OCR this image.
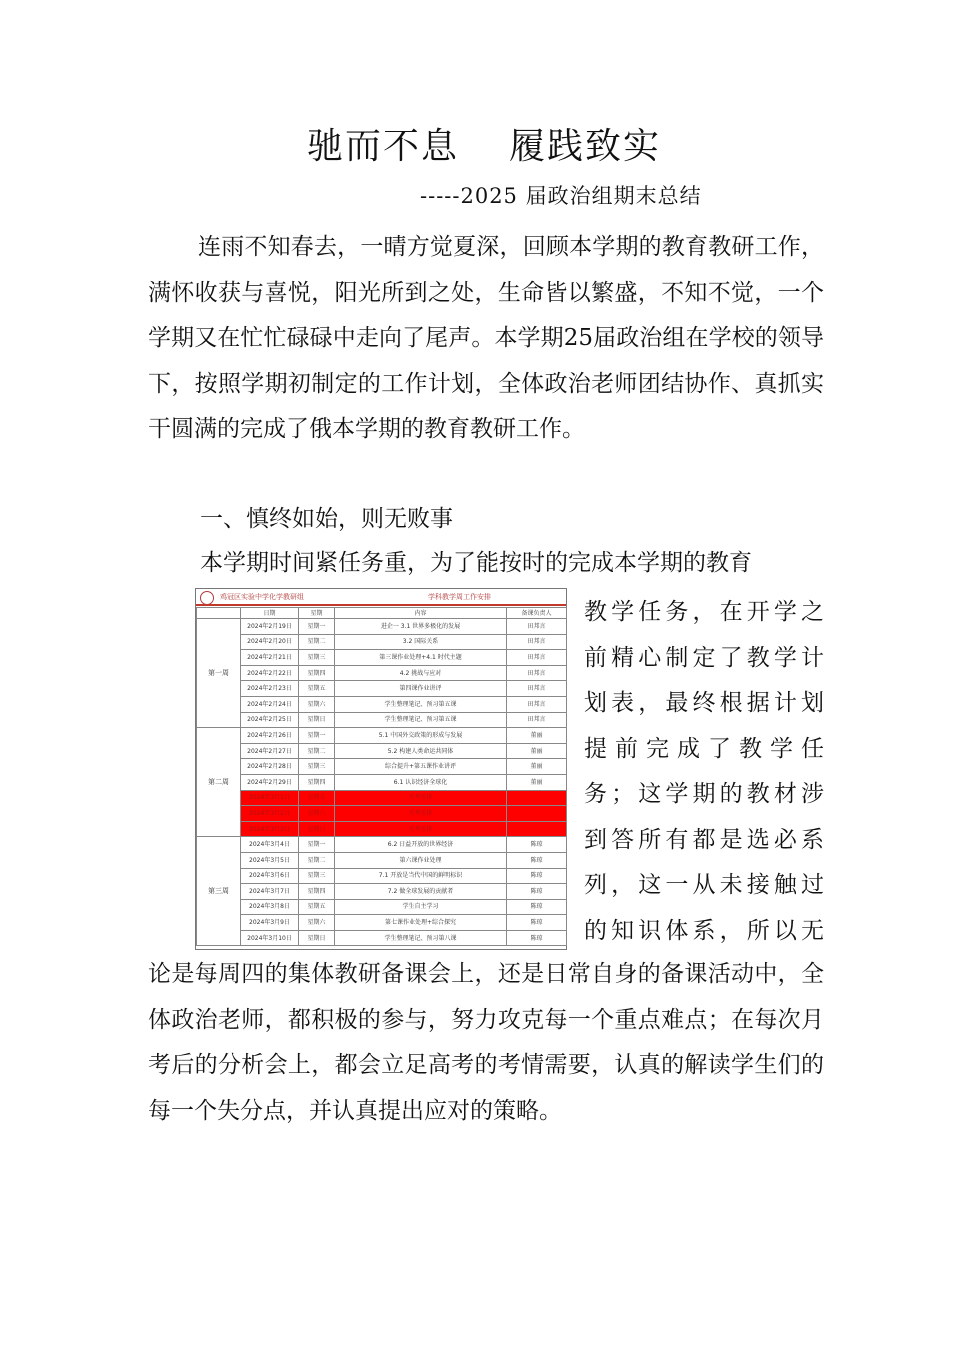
驰而不息 履践致实
-----2025 届政治组期末总结

连雨不知春去，一晴方觉夏深，回顾本学期的教育教研工作，满怀收获与喜悦，阳光所到之处，生命皆以繁盛，不知不觉，一个学期又在忙忙碌碌中走向了尾声。本学期25届政治组在学校的领导下，按照学期初制定的工作计划，全体政治老师团结协作、真抓实干圆满的完成了俄本学期的教育教研工作。

一、慎终如始，则无败事

本学期时间紧任务重，为了能按时的完成本学期的教育

鸡冠区实验中学化学教研组	学科教学周工作安排
	日期	星期	内容	备课负责人
第一周	2024年2月19日	星期一	进企一 3.1 世界多极化的发展	田邦言
	2024年2月20日	星期二	3.2 国际关系	田邦言
	2024年2月21日	星期三	第三课作业处理+4.1 时代主题	田邦言
	2024年2月22日	星期四	4.2 挑战与应对	田邦言
	2024年2月23日	星期五	第四课作业讲评	田邦言
	2024年2月24日	星期六	学生整理笔记、预习第五课	田邦言
	2024年2月25日	星期日	学生整理笔记、预习第五课	田邦言
第二周	2024年2月26日	星期一	5.1 中国外交政策的形成与发展	董丽
	2024年2月27日	星期二	5.2 构建人类命运共同体	董丽
	2024年2月28日	星期三	综合提升+第五课作业讲评	董丽
	2024年2月29日	星期四	6.1 认识经济全球化	董丽
	2024年3月1日	星期五	月考安排	
	2024年3月2日	星期六	月考安排	
	2024年3月3日	星期日	月考安排	
第三周	2024年3月4日	星期一	6.2 日益开放的世界经济	陈琼
	2024年3月5日	星期二	第六课作业处理	陈琼
	2024年3月6日	星期三	7.1 开放是当代中国的鲜明标识	陈琼
	2024年3月7日	星期四	7.2 做全球发展的贡献者	陈琼
	2024年3月8日	星期五	学生自主学习	陈琼
	2024年3月9日	星期六	第七课作业处理+综合探究	陈琼
	2024年3月10日	星期日	学生整理笔记、预习第八课	陈琼
教学任务，在开学之
前精心制定了教学计
划表，最终根据计划
提前完成了教学任
务；这学期的教材涉
到答所有都是选必系
列，这一从未接触过
的知识体系，所以无

论是每周四的集体教研备课会上，还是日常自身的备课活动中，全体政治老师，都积极的参与，努力攻克每一个重点难点；在每次月考后的分析会上，都会立足高考的考情需要，认真的解读学生们的每一个失分点，并认真提出应对的策略。
